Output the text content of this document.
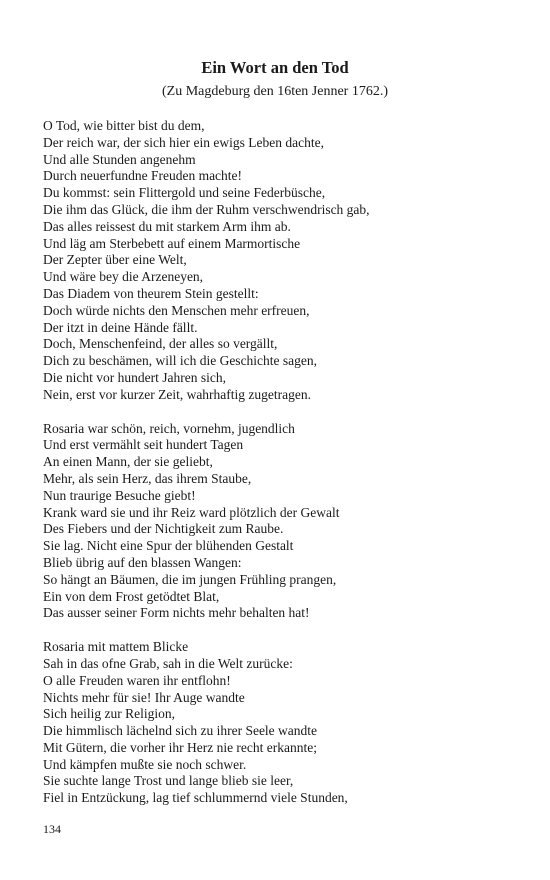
Ein Wort an den Tod
(Zu Magdeburg den 16ten Jenner 1762.)
O Tod, wie bitter bist du dem,
Der reich war, der sich hier ein ewigs Leben dachte,
Und alle Stunden angenehm
Durch neuerfundne Freuden machte!
Du kommst: sein Flittergold und seine Federbüsche,
Die ihm das Glück, die ihm der Ruhm verschwendrisch gab,
Das alles reissest du mit starkem Arm ihm ab.
Und läg am Sterbebett auf einem Marmortische
Der Zepter über eine Welt,
Und wäre bey die Arzeneyen,
Das Diadem von theurem Stein gestellt:
Doch würde nichts den Menschen mehr erfreuen,
Der itzt in deine Hände fällt.
Doch, Menschenfeind, der alles so vergällt,
Dich zu beschämen, will ich die Geschichte sagen,
Die nicht vor hundert Jahren sich,
Nein, erst vor kurzer Zeit, wahrhaftig zugetragen.
Rosaria war schön, reich, vornehm, jugendlich
Und erst vermählt seit hundert Tagen
An einen Mann, der sie geliebt,
Mehr, als sein Herz, das ihrem Staube,
Nun traurige Besuche giebt!
Krank ward sie und ihr Reiz ward plötzlich der Gewalt
Des Fiebers und der Nichtigkeit zum Raube.
Sie lag. Nicht eine Spur der blühenden Gestalt
Blieb übrig auf den blassen Wangen:
So hängt an Bäumen, die im jungen Frühling prangen,
Ein von dem Frost getödtet Blat,
Das ausser seiner Form nichts mehr behalten hat!
Rosaria mit mattem Blicke
Sah in das ofne Grab, sah in die Welt zurücke:
O alle Freuden waren ihr entflohn!
Nichts mehr für sie! Ihr Auge wandte
Sich heilig zur Religion,
Die himmlisch lächelnd sich zu ihrer Seele wandte
Mit Gütern, die vorher ihr Herz nie recht erkannte;
Und kämpfen mußte sie noch schwer.
Sie suchte lange Trost und lange blieb sie leer,
Fiel in Entzückung, lag tief schlummernd viele Stunden,
134
